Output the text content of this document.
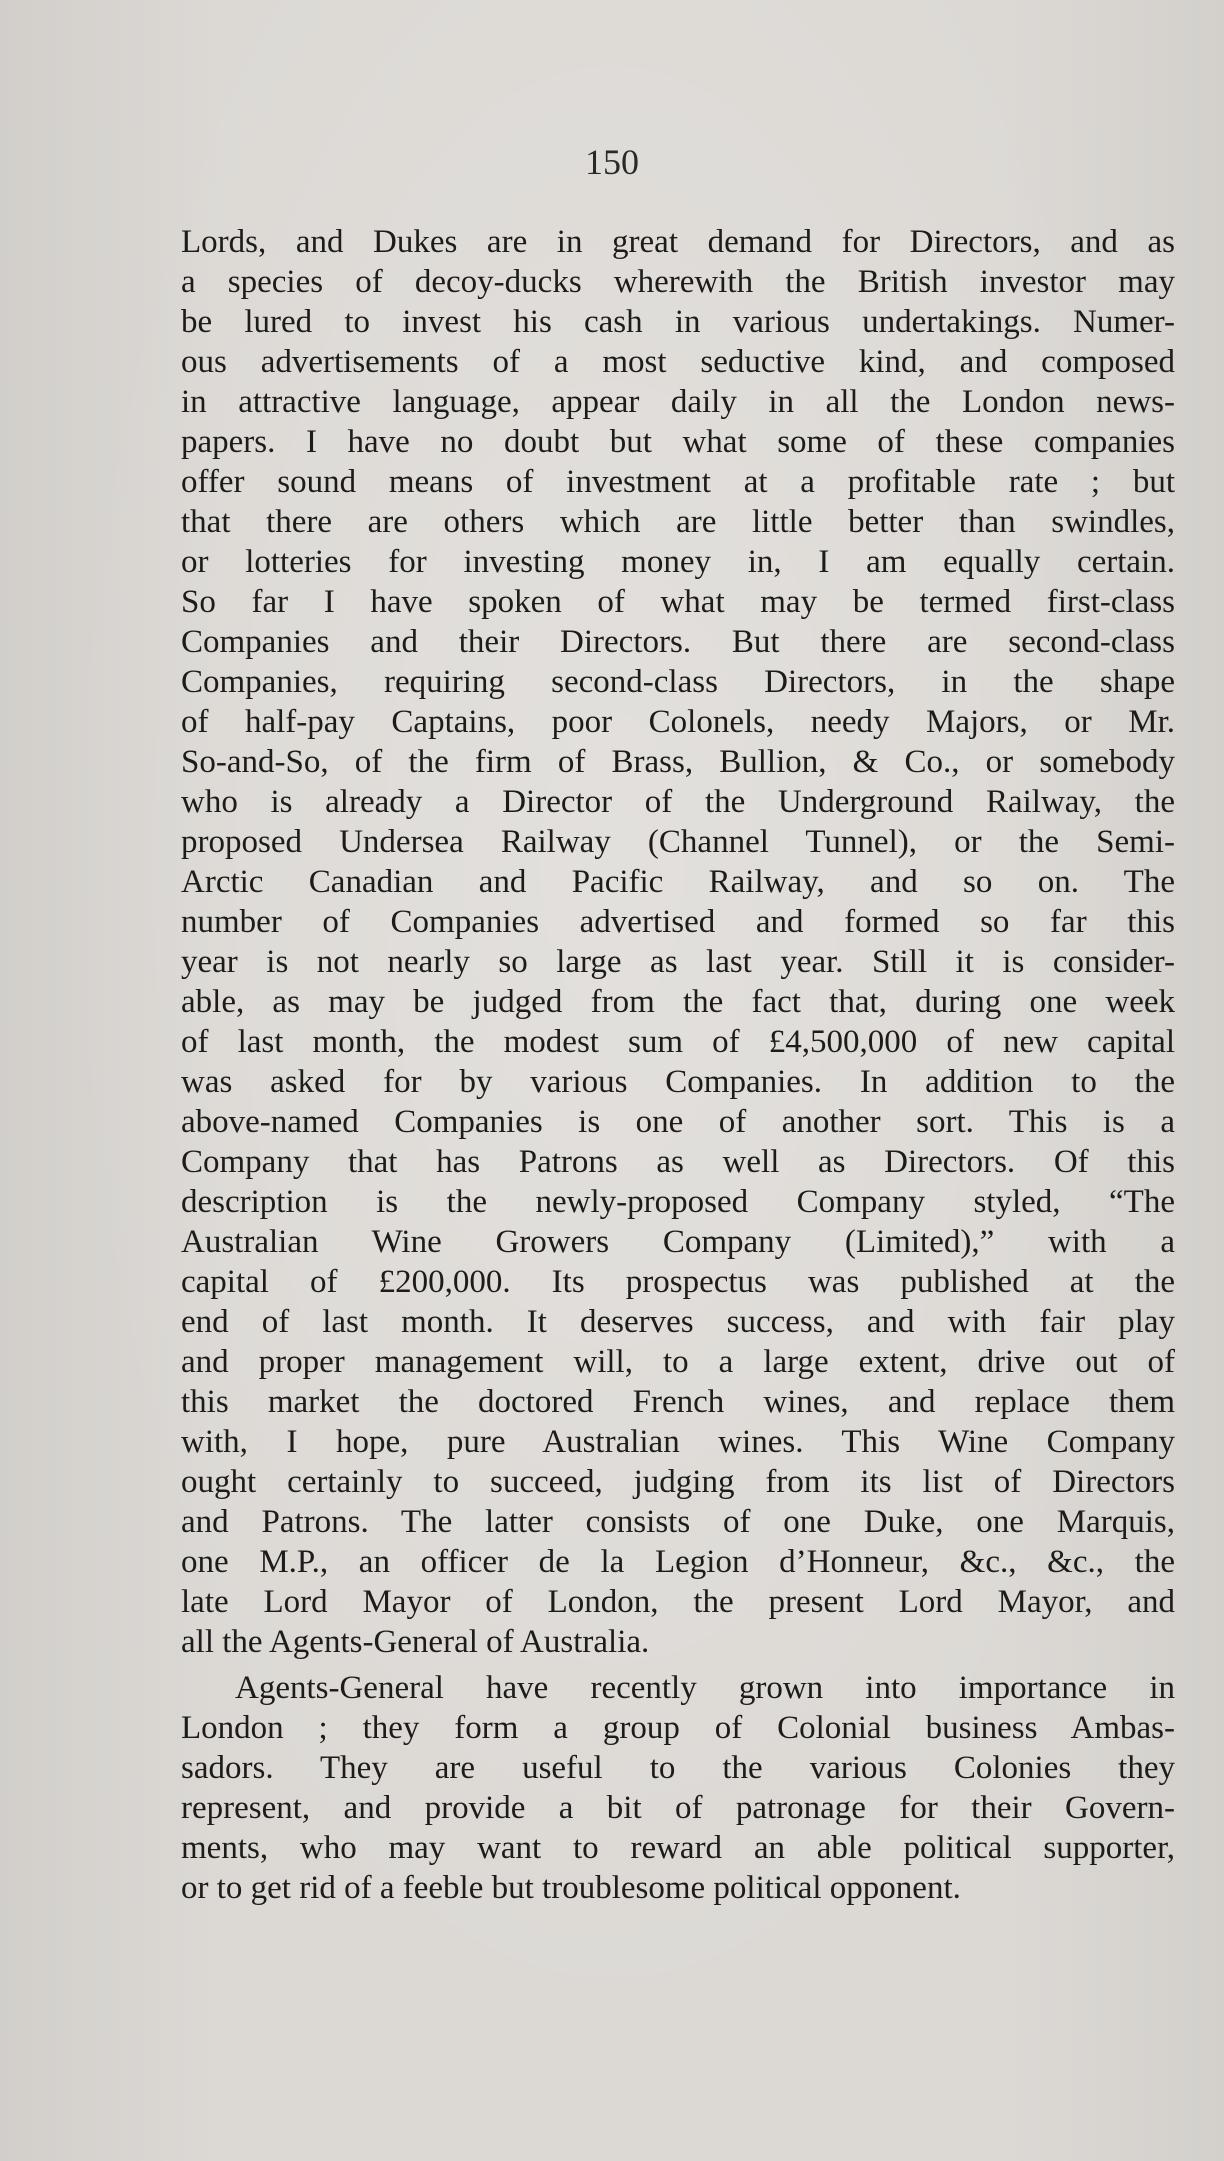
150
Lords, and Dukes are in great demand for Directors, and as
a species of decoy-ducks wherewith the British investor may
be lured to invest his cash in various undertakings. Numer-
ous advertisements of a most seductive kind, and composed
in attractive language, appear daily in all the London news-
papers. I have no doubt but what some of these companies
offer sound means of investment at a profitable rate ; but
that there are others which are little better than swindles,
or lotteries for investing money in, I am equally certain.
So far I have spoken of what may be termed first-class
Companies and their Directors. But there are second-class
Companies, requiring second-class Directors, in the shape
of half-pay Captains, poor Colonels, needy Majors, or Mr.
So-and-So, of the firm of Brass, Bullion, & Co., or somebody
who is already a Director of the Underground Railway, the
proposed Undersea Railway (Channel Tunnel), or the Semi-
Arctic Canadian and Pacific Railway, and so on. The
number of Companies advertised and formed so far this
year is not nearly so large as last year. Still it is consider-
able, as may be judged from the fact that, during one week
of last month, the modest sum of £4,500,000 of new capital
was asked for by various Companies. In addition to the
above-named Companies is one of another sort. This is a
Company that has Patrons as well as Directors. Of this
description is the newly-proposed Company styled, “The
Australian Wine Growers Company (Limited),” with a
capital of £200,000. Its prospectus was published at the
end of last month. It deserves success, and with fair play
and proper management will, to a large extent, drive out of
this market the doctored French wines, and replace them
with, I hope, pure Australian wines. This Wine Company
ought certainly to succeed, judging from its list of Directors
and Patrons. The latter consists of one Duke, one Marquis,
one M.P., an officer de la Legion d’Honneur, &c., &c., the
late Lord Mayor of London, the present Lord Mayor, and
all the Agents-General of Australia.
Agents-General have recently grown into importance in
London ; they form a group of Colonial business Ambas-
sadors. They are useful to the various Colonies they
represent, and provide a bit of patronage for their Govern-
ments, who may want to reward an able political supporter,
or to get rid of a feeble but troublesome political opponent.
